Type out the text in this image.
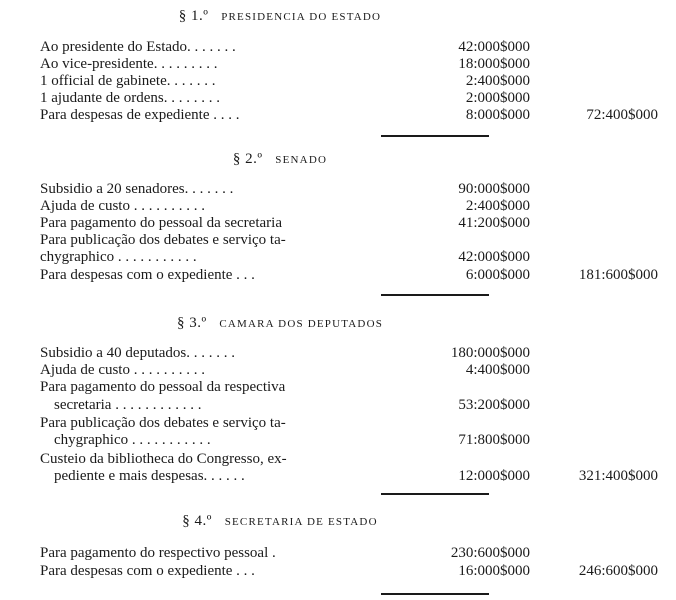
§ 1.º PRESIDENCIA DO ESTADO
Ao presidente do Estado. . . . . . .	42:000$000
Ao vice-presidente. . . . . . . . .	18:000$000
1 official de gabinete. . . . . . .	2:400$000
1 ajudante de ordens. . . . . . . .	2:000$000
Para despesas de expediente . . . .	8:000$000	72:400$000
§ 2.º SENADO
Subsidio a 20 senadores. . . . . . .	90:000$000
Ajuda de custo . . . . . . . . . .	2:400$000
Para pagamento do pessoal da secretaria	41:200$000
Para publicação dos debates e serviço ta-
chygraphico . . . . . . . . . . .	42:000$000
Para despesas com o expediente . . .	6:000$000	181:600$000
§ 3.º CAMARA DOS DEPUTADOS
Subsidio a 40 deputados. . . . . . .	180:000$000
Ajuda de custo . . . . . . . . . .	4:400$000
Para pagamento do pessoal da respectiva
secretaria . . . . . . . . . . . .	53:200$000
Para publicação dos debates e serviço ta-
chygraphico . . . . . . . . . . .	71:800$000
Custeio da bibliotheca do Congresso, ex-
pediente e mais despesas. . . . . .	12:000$000	321:400$000
§ 4.º SECRETARIA DE ESTADO
Para pagamento do respectivo pessoal .	230:600$000
Para despesas com o expediente . . .	16:000$000	246:600$000
